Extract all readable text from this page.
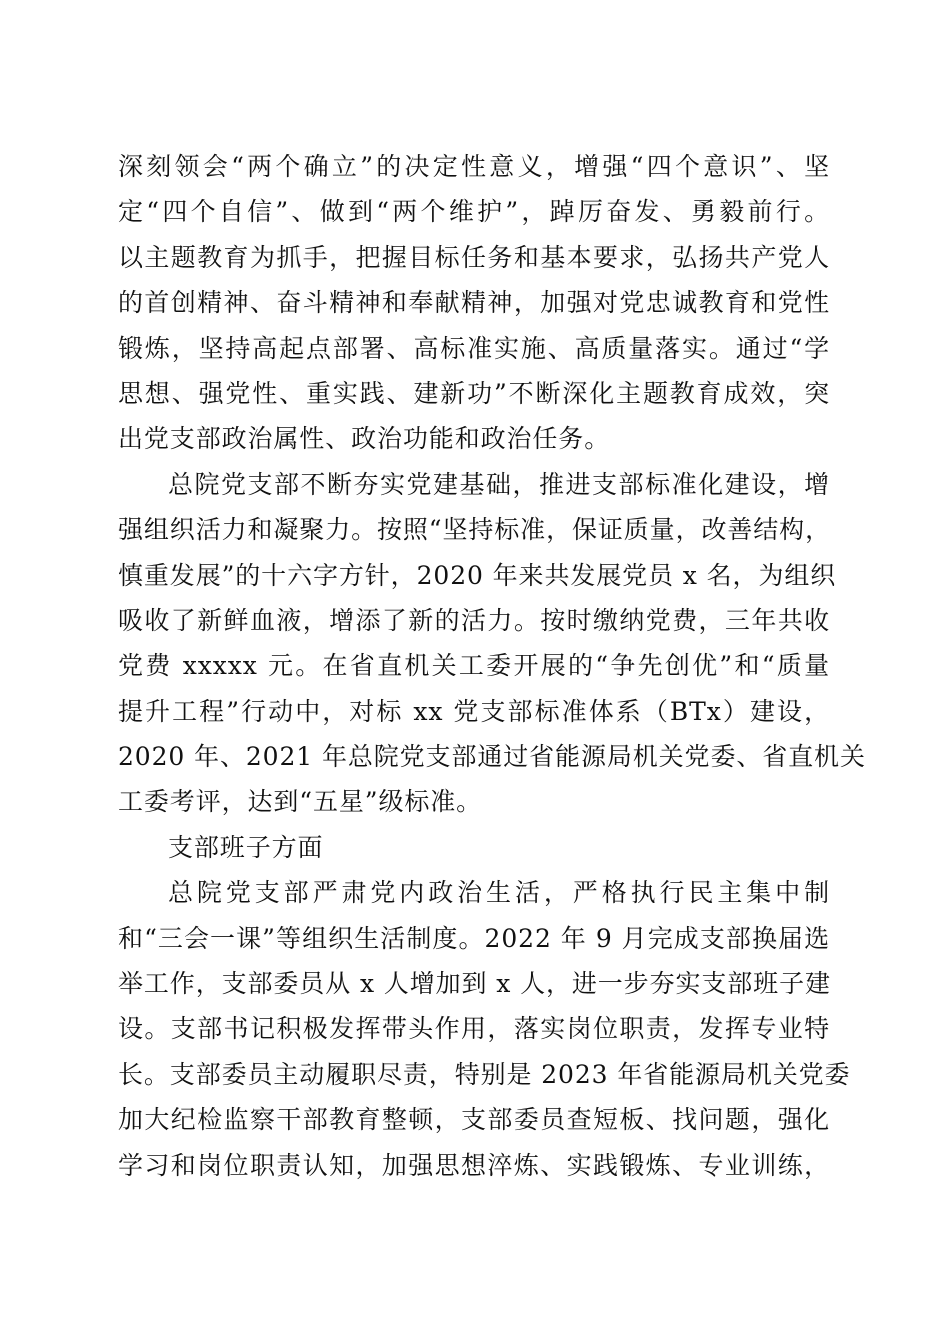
深刻领会“两个确立”的决定性意义，增强“四个意识”、坚
定“四个自信”、做到“两个维护”，踔厉奋发、勇毅前行。
以主题教育为抓手，把握目标任务和基本要求，弘扬共产党人
的首创精神、奋斗精神和奉献精神，加强对党忠诚教育和党性
锻炼，坚持高起点部署、高标准实施、高质量落实。通过“学
思想、强党性、重实践、建新功”不断深化主题教育成效，突
出党支部政治属性、政治功能和政治任务。
总院党支部不断夯实党建基础，推进支部标准化建设，增
强组织活力和凝聚力。按照“坚持标准，保证质量，改善结构，
慎重发展”的十六字方针，2020 年来共发展党员 x 名，为组织
吸收了新鲜血液，增添了新的活力。按时缴纳党费，三年共收
党费 xxxxx 元。在省直机关工委开展的“争先创优”和“质量
提升工程”行动中，对标 xx 党支部标准体系（BTx）建设，
2020 年、2021 年总院党支部通过省能源局机关党委、省直机关
工委考评，达到“五星”级标准。
支部班子方面
总院党支部严肃党内政治生活，严格执行民主集中制
和“三会一课”等组织生活制度。2022 年 9 月完成支部换届选
举工作，支部委员从 x 人增加到 x 人，进一步夯实支部班子建
设。支部书记积极发挥带头作用，落实岗位职责，发挥专业特
长。支部委员主动履职尽责，特别是 2023 年省能源局机关党委
加大纪检监察干部教育整顿，支部委员查短板、找问题，强化
学习和岗位职责认知，加强思想淬炼、实践锻炼、专业训练，
